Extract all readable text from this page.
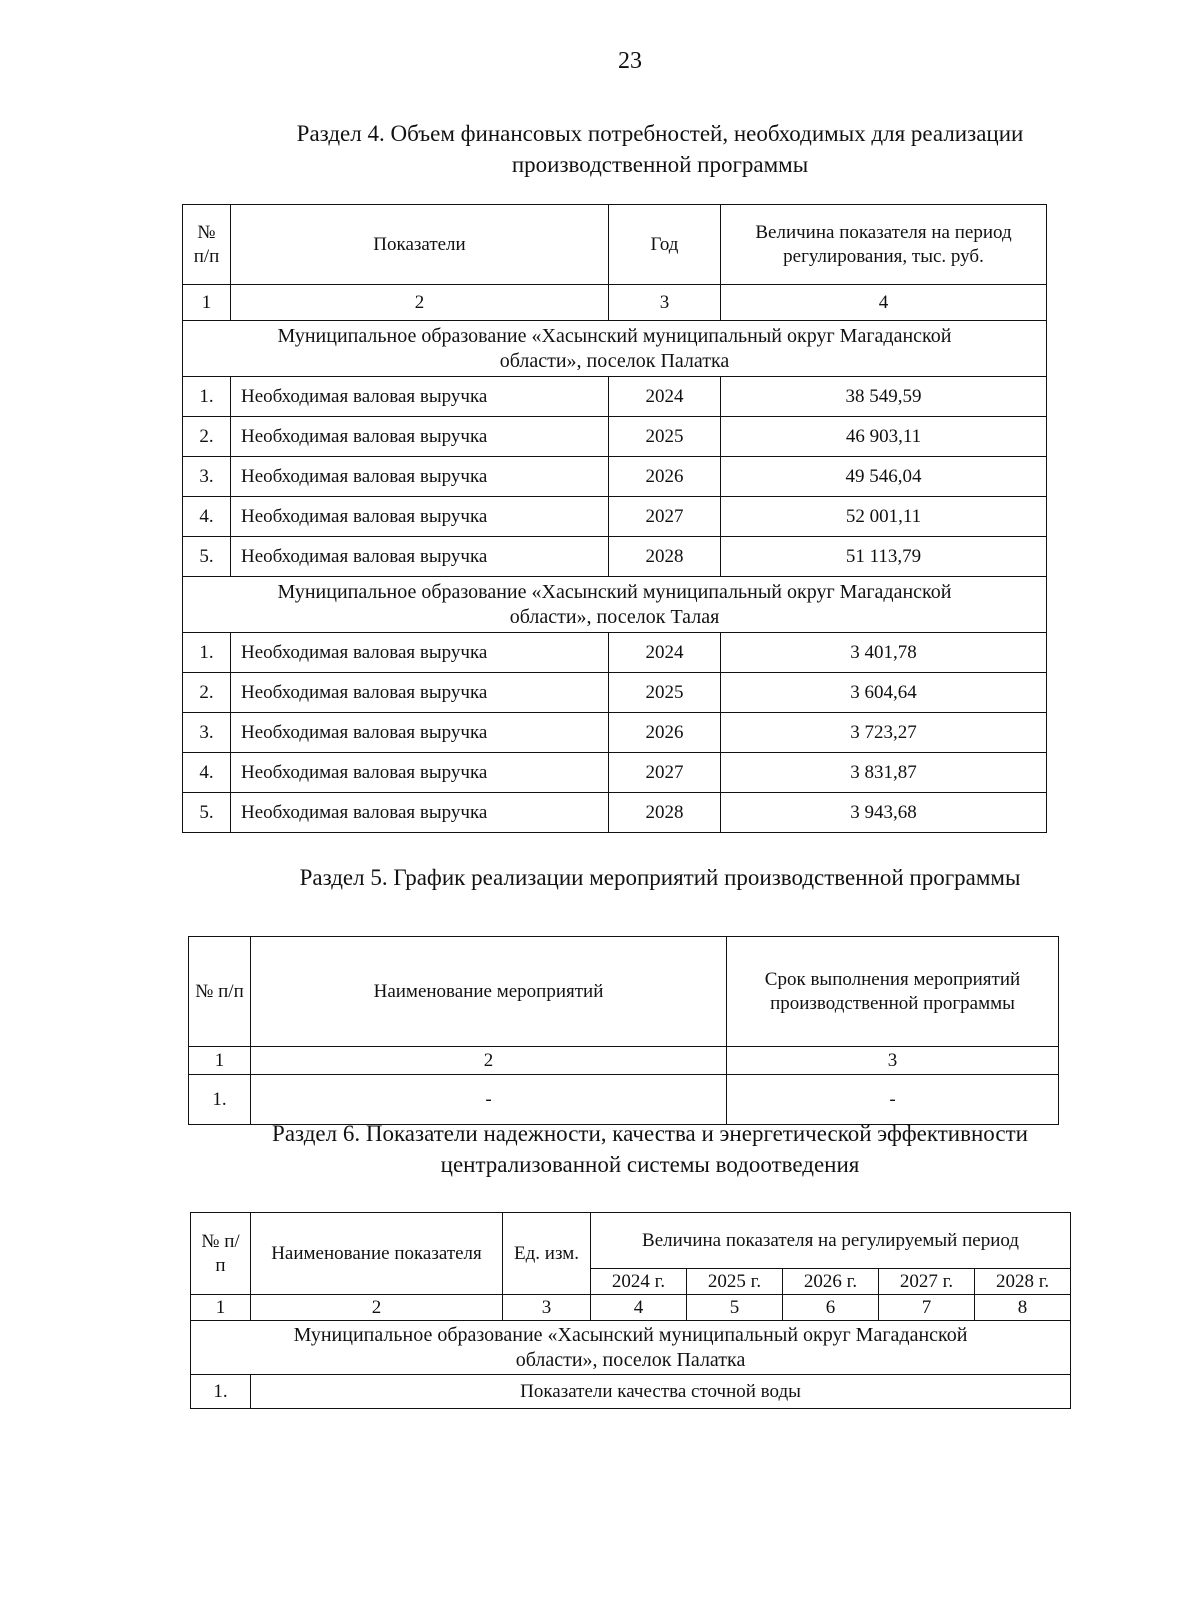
23
Раздел 4. Объем финансовых потребностей, необходимых для реализации
производственной программы
№ п/п	Показатели	Год	Величина показателя на период регулирования, тыс. руб.
1	2	3	4

Муниципальное образование «Хасынский муниципальный округ Магаданской
области», поселок Палатка			

1.	Необходимая валовая выручка	2024	38 549,59
2.	Необходимая валовая выручка	2025	46 903,11
3.	Необходимая валовая выручка	2026	49 546,04
4.	Необходимая валовая выручка	2027	52 001,11
5.	Необходимая валовая выручка	2028	51 113,79

Муниципальное образование «Хасынский муниципальный округ Магаданской
области», поселок Талая			

1.	Необходимая валовая выручка	2024	3 401,78
2.	Необходимая валовая выручка	2025	3 604,64
3.	Необходимая валовая выручка	2026	3 723,27
4.	Необходимая валовая выручка	2027	3 831,87
5.	Необходимая валовая выручка	2028	3 943,68
Раздел 5. График реализации мероприятий производственной программы
№ п/п	Наименование мероприятий	Срок выполнения мероприятий производственной программы
1	2	3
1.	-	-
Раздел 6. Показатели надежности, качества и энергетической эффективности
централизованной системы водоотведения
№ п/п	Наименование показателя	Ед. изм.	Величина показателя на регулируемый период				
			2024 г.	2025 г.	2026 г.	2027 г.	2028 г.
1	2	3	4	5	6	7	8

Муниципальное образование «Хасынский муниципальный округ Магаданской
области», поселок Палатка							

1.	Показатели качества сточной воды						
